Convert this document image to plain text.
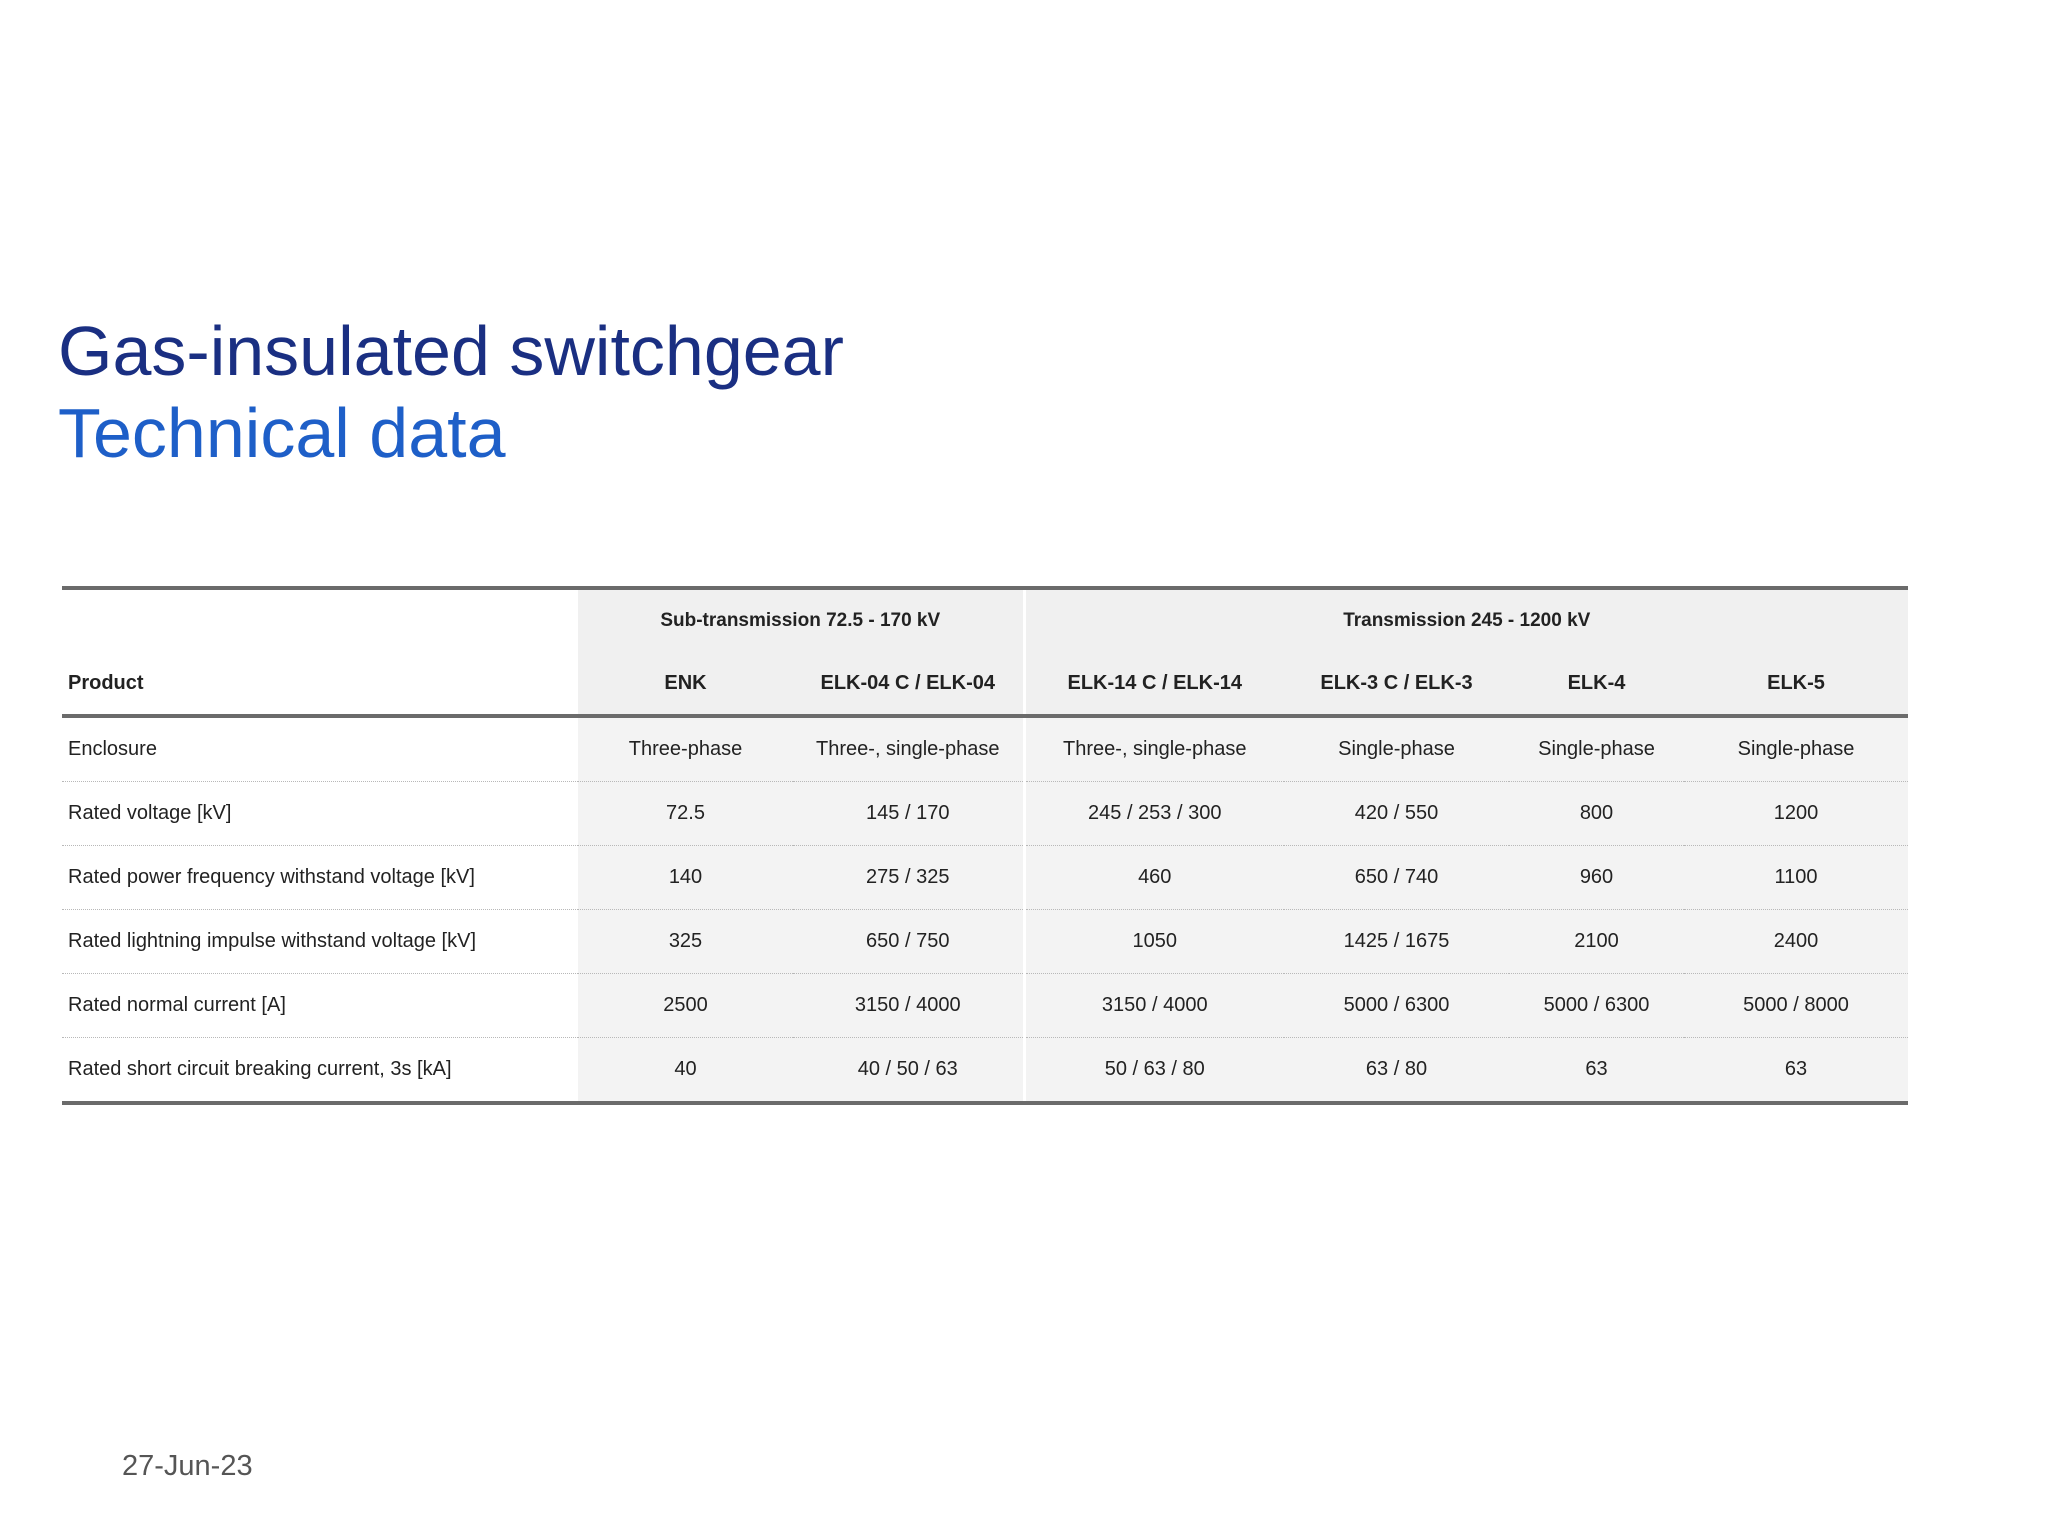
Gas-insulated switchgear
Technical data
	Sub-transmission 72.5 - 170 kV		Transmission 245 - 1200 kV			
Product	ENK	ELK-04 C / ELK-04	ELK-14 C / ELK-14	ELK-3 C / ELK-3	ELK-4	ELK-5
Enclosure	Three-phase	Three-, single-phase	Three-, single-phase	Single-phase	Single-phase	Single-phase
Rated voltage [kV]	72.5	145 / 170	245 / 253 / 300	420 / 550	800	1200
Rated power frequency withstand voltage [kV]	140	275 / 325	460	650 / 740	960	1100
Rated lightning impulse withstand voltage [kV]	325	650 / 750	1050	1425 / 1675	2100	2400
Rated normal current [A]	2500	3150 / 4000	3150 / 4000	5000 / 6300	5000 / 6300	5000 / 8000
Rated short circuit breaking current, 3s [kA]	40	40 / 50 / 63	50 / 63 / 80	63 / 80	63	63
27-Jun-23
